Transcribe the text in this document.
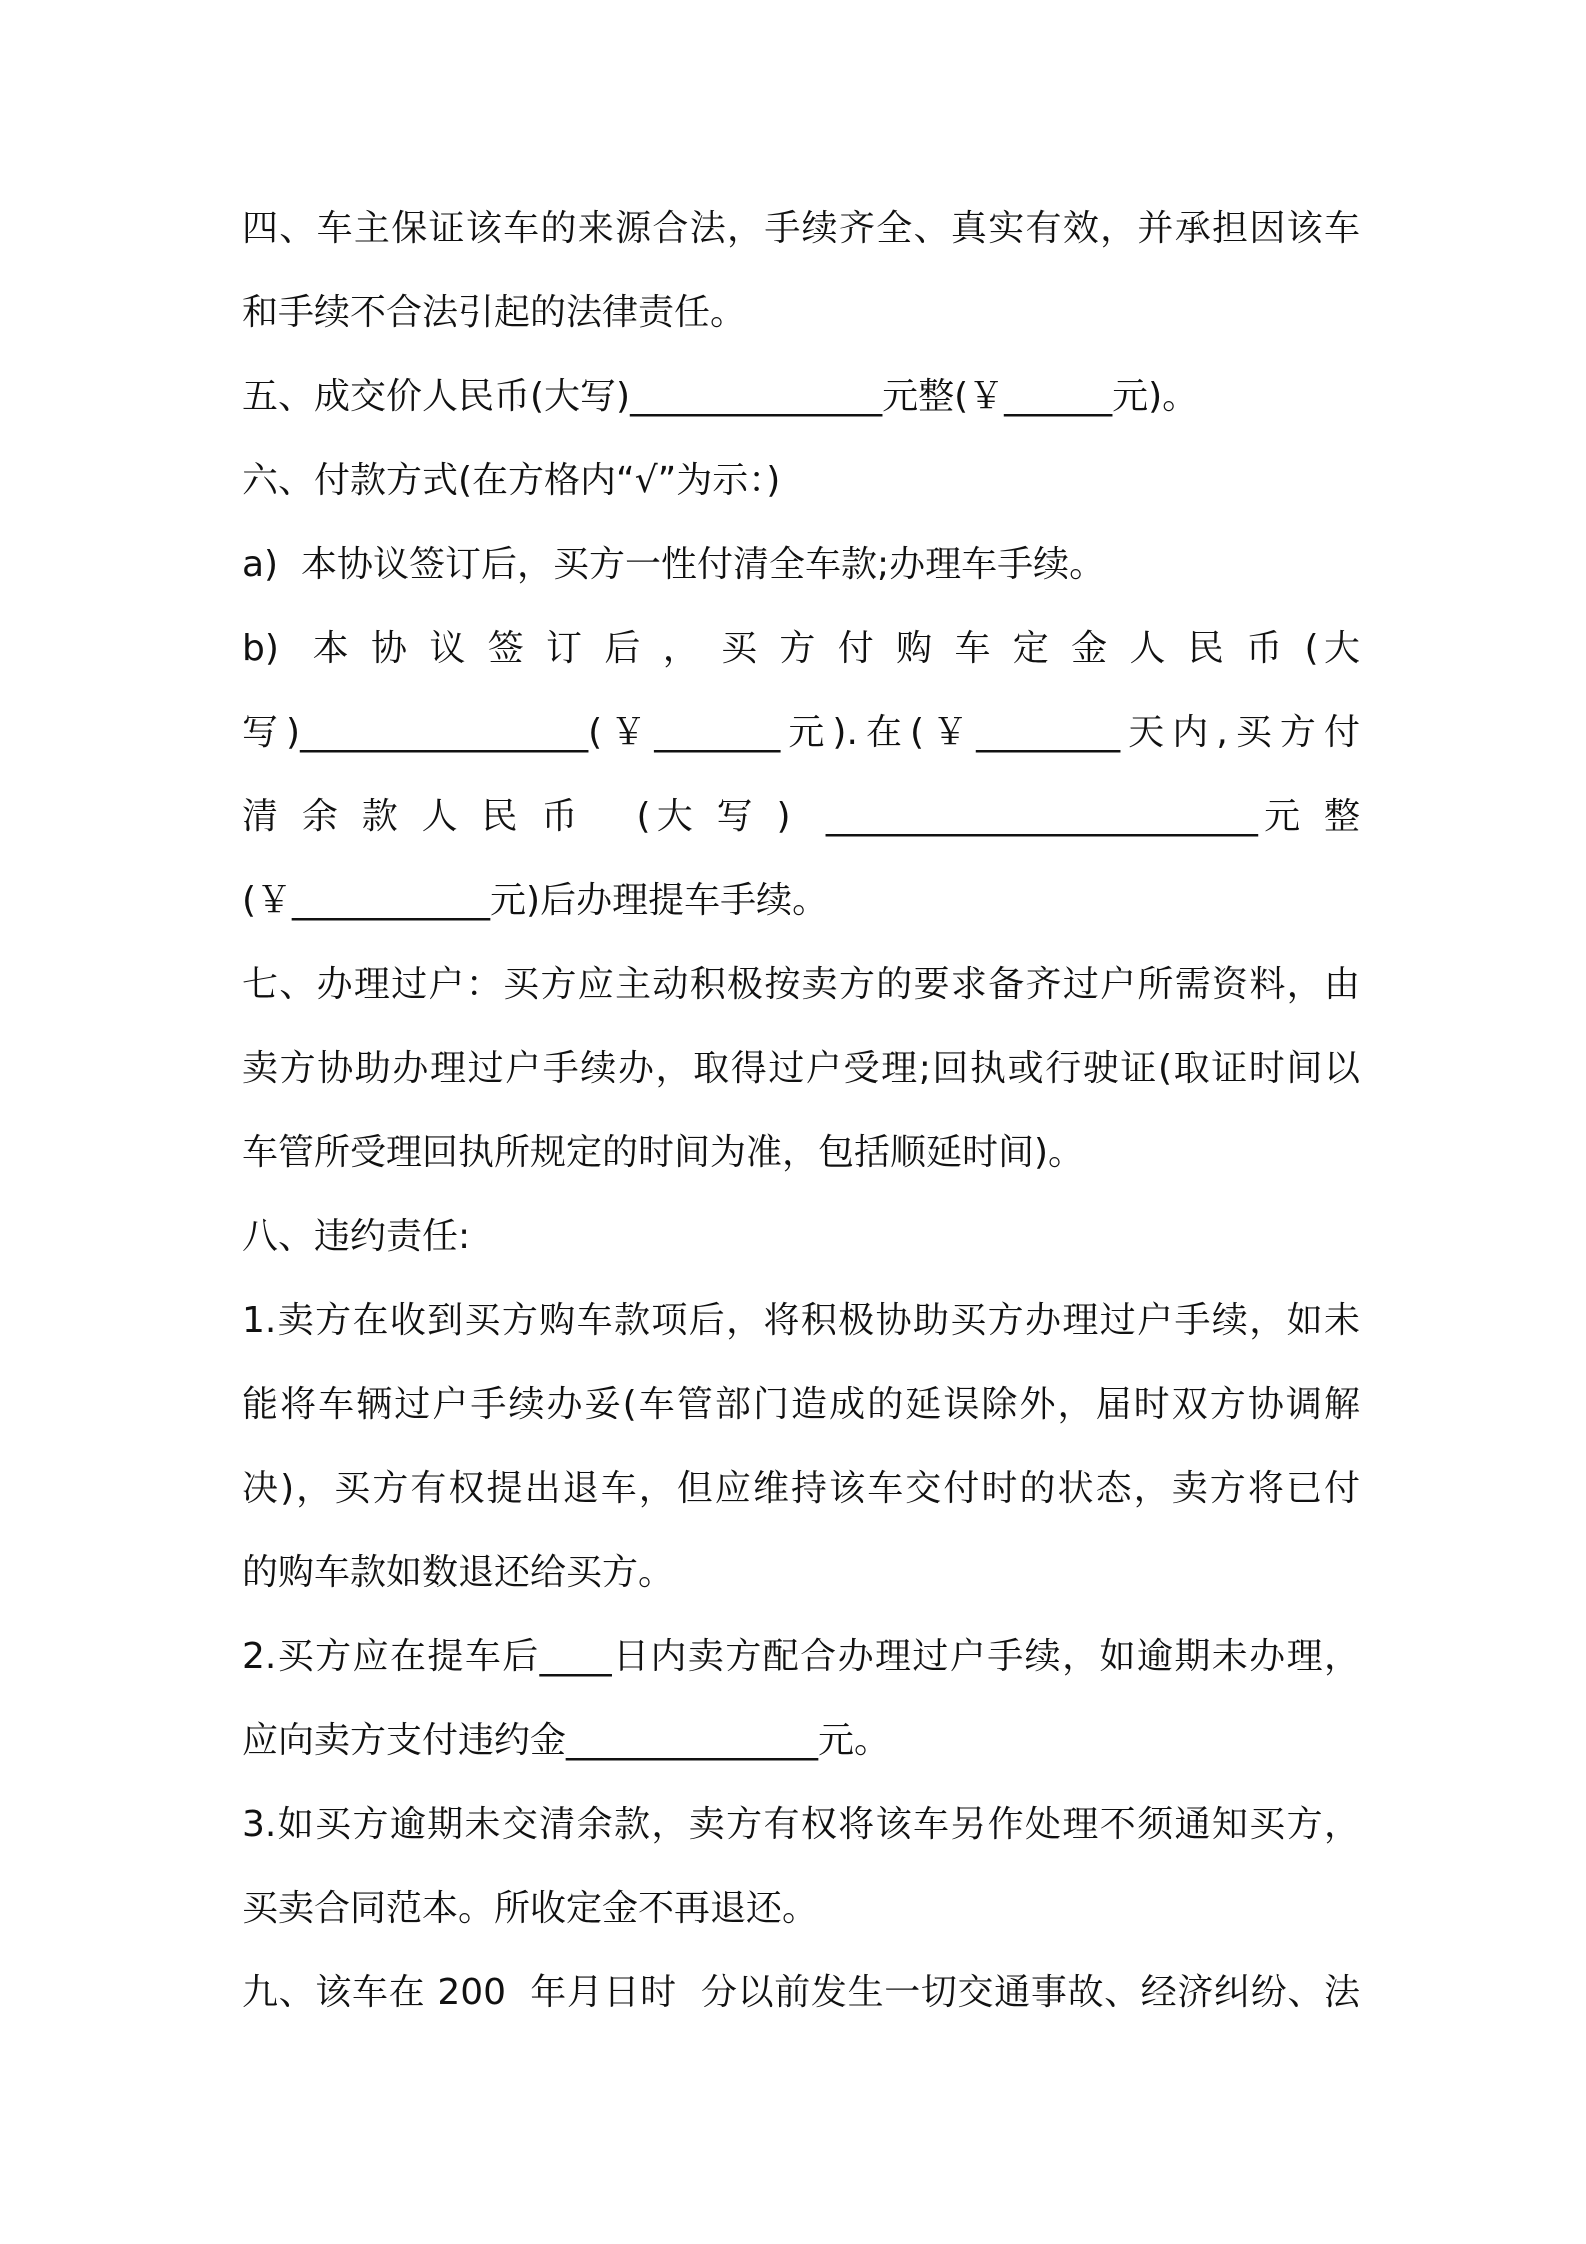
四、车主保证该车的来源合法，手续齐全、真实有效，并承担因该车
和手续不合法引起的法律责任。
五、成交价人民币(大写)______________元整(￥______元)。
六、付款方式(在方格内“√”为示：)
a)  本协议签订后，买方一性付清全车款;办理车手续。
b)  本 协 议 签 订 后 ， 买 方 付 购 车 定 金 人 民 币 (大
写)________________(￥_______元).在(￥________天内,买方付
清 余 款 人 民 币   (大 写 )  ________________________元 整
(￥___________元)后办理提车手续。
七、办理过户：买方应主动积极按卖方的要求备齐过户所需资料，由
卖方协助办理过户手续办，取得过户受理;回执或行驶证(取证时间以
车管所受理回执所规定的时间为准，包括顺延时间)。
八、违约责任:
1.卖方在收到买方购车款项后，将积极协助买方办理过户手续，如未
能将车辆过户手续办妥(车管部门造成的延误除外，届时双方协调解
决)，买方有权提出退车，但应维持该车交付时的状态，卖方将已付
的购车款如数退还给买方。
2.买方应在提车后____日内卖方配合办理过户手续，如逾期未办理，
应向卖方支付违约金______________元。
3.如买方逾期未交清余款，卖方有权将该车另作处理不须通知买方，
买卖合同范本。所收定金不再退还。
九、该车在 200  年月日时  分以前发生一切交通事故、经济纠纷、法
